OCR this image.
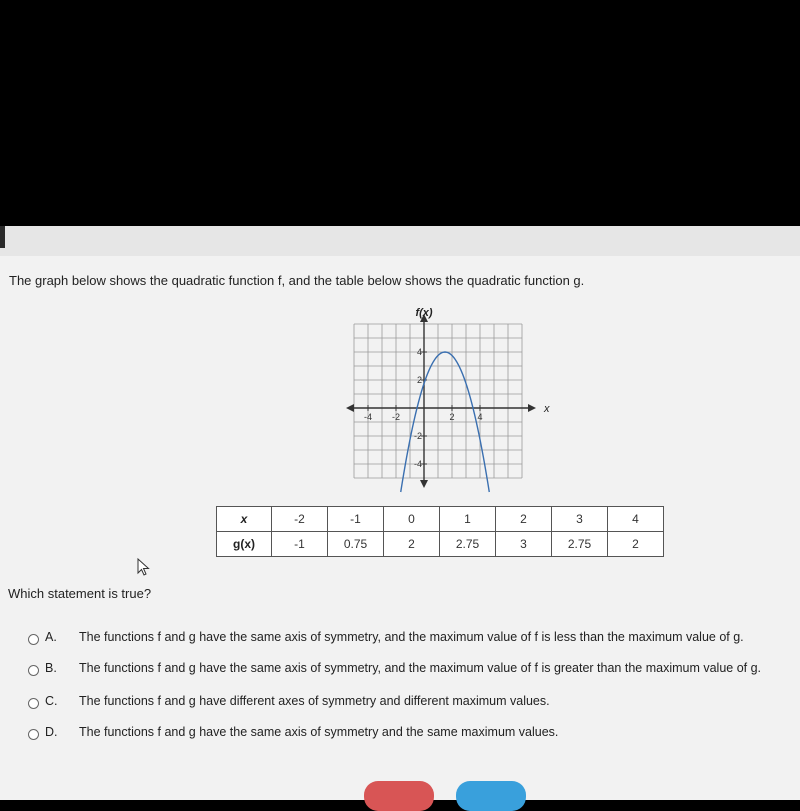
The graph below shows the quadratic function f, and the table below shows the quadratic function g.
-4 -2	2	4
4
2
-2
-4
f(x)
x
x	-2	-1	0	1	2	3	4
g(x)	-1	0.75	2	2.75	3	2.75	2
Which statement is true?
A. The functions f and g have the same axis of symmetry, and the maximum value of f is less than the maximum value of g.
B. The functions f and g have the same axis of symmetry, and the maximum value of f is greater than the maximum value of g.
C. The functions f and g have different axes of symmetry and different maximum values.
D. The functions f and g have the same axis of symmetry and the same maximum values.
